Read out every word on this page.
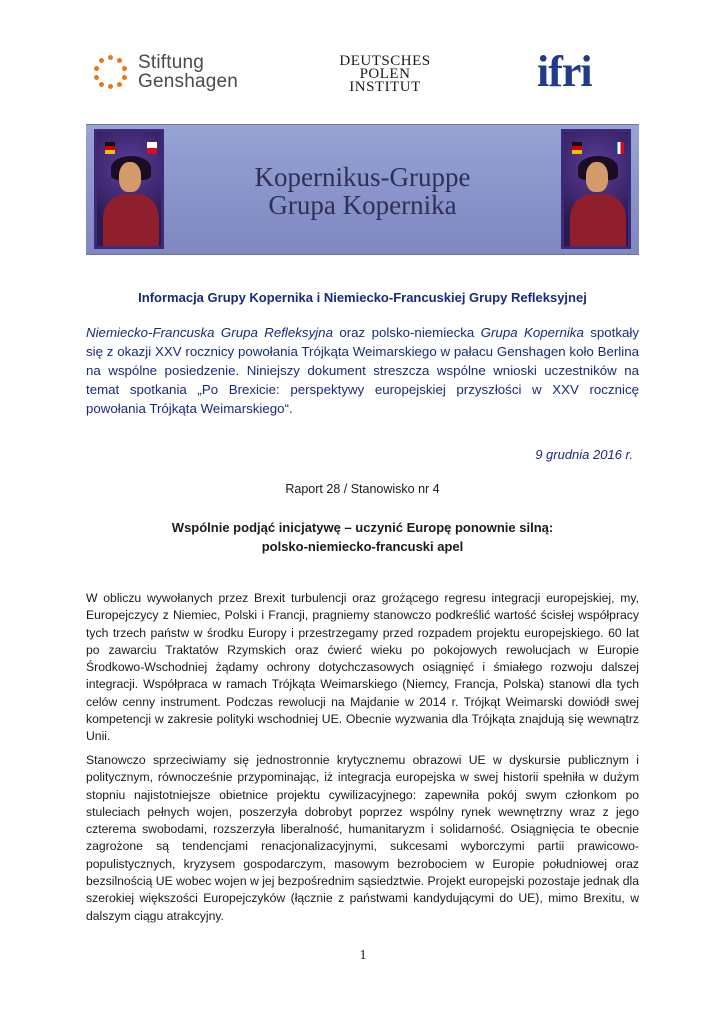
Stiftung
Genshagen
DEUTSCHES
POLEN
INSTITUT	ifri
Kopernikus-Gruppe
Grupa Kopernika
Informacja Grupy Kopernika i Niemiecko-Francuskiej Grupy Refleksyjnej
Niemiecko-Francuska Grupa Refleksyjna oraz polsko-niemiecka Grupa Kopernika spotkały się z okazji XXV rocznicy powołania Trójkąta Weimarskiego w pałacu Genshagen koło Berlina na wspólne posiedzenie. Niniejszy dokument streszcza wspólne wnioski uczestników na temat spotkania „Po Brexicie: perspektywy europejskiej przyszłości w XXV rocznicę powołania Trójkąta Weimarskiego“.
9 grudnia 2016 r.
Raport 28 / Stanowisko nr 4
Wspólnie podjąć inicjatywę – uczynić Europę ponownie silną:
polsko-niemiecko-francuski apel
W obliczu wywołanych przez Brexit turbulencji oraz grożącego regresu integracji europejskiej, my, Europejczycy z Niemiec, Polski i Francji, pragniemy stanowczo podkreślić wartość ścisłej współpracy tych trzech państw w środku Europy i przestrzegamy przed rozpadem projektu europejskiego. 60 lat po zawarciu Traktatów Rzymskich oraz ćwierć wieku po pokojowych rewolucjach w Europie Środkowo-Wschodniej żądamy ochrony dotychczasowych osiągnięć i śmiałego rozwoju dalszej integracji. Współpraca w ramach Trójkąta Weimarskiego (Niemcy, Francja, Polska) stanowi dla tych celów cenny instrument. Podczas rewolucji na Majdanie w 2014 r. Trójkąt Weimarski dowiódł swej kompetencji w zakresie polityki wschodniej UE. Obecnie wyzwania dla Trójkąta znajdują się wewnątrz Unii.
Stanowczo sprzeciwiamy się jednostronnie krytycznemu obrazowi UE w dyskursie publicznym i politycznym, równocześnie przypominając, iż integracja europejska w swej historii spełniła w dużym stopniu najistotniejsze obietnice projektu cywilizacyjnego: zapewniła pokój swym członkom po stuleciach pełnych wojen, poszerzyła dobrobyt poprzez wspólny rynek wewnętrzny wraz z jego czterema swobodami, rozszerzyła liberalność, humanitaryzm i solidarność. Osiągnięcia te obecnie zagrożone są tendencjami renacjonalizacyjnymi, sukcesami wyborczymi partii prawicowo-populistycznych, kryzysem gospodarczym, masowym bezrobociem w Europie południowej oraz bezsilnością UE wobec wojen w jej bezpośrednim sąsiedztwie. Projekt europejski pozostaje jednak dla szerokiej większości Europejczyków (łącznie z państwami kandydującymi do UE), mimo Brexitu, w dalszym ciągu atrakcyjny.
1
